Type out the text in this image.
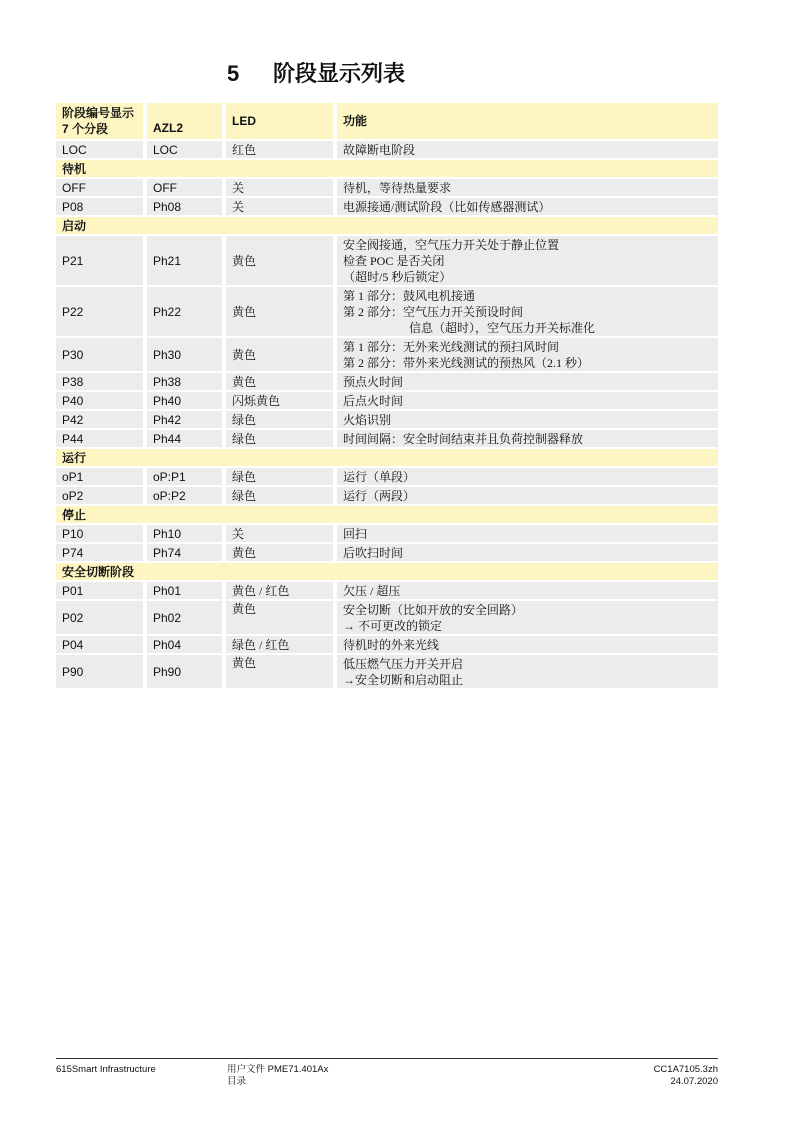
5 阶段显示列表
阶段编号显示
7 个分段	AZL2	LED	功能
LOC	LOC	红色	故障断电阶段

待机			
OFF	OFF	关	待机，等待热量要求

P08	Ph08	关	电源接通/测试阶段（比如传感器测试）

启动			
P21	Ph21	黄色	安全阀接通，空气压力开关处于静止位置
检查 POC 是否关闭
（超时/5 秒后锁定）

P22	Ph22	黄色	第 1 部分：鼓风电机接通
第 2 部分：空气压力开关预设时间
信息（超时），空气压力开关标准化

P30	Ph30	黄色	第 1 部分：无外来光线测试的预扫风时间
第 2 部分：带外来光线测试的预热风（2.1 秒）

P38	Ph38	黄色	预点火时间

P40	Ph40	闪烁黄色	后点火时间

P42	Ph42	绿色	火焰识别

P44	Ph44	绿色	时间间隔：安全时间结束并且负荷控制器释放

运行			
oP1	oP:P1	绿色	运行（单段）

oP2	oP:P2	绿色	运行（两段）

停止			
P10	Ph10	关	回扫

P74	Ph74	黄色	后吹扫时间

安全切断阶段			
P01	Ph01	黄色 / 红色	欠压 / 超压

P02	Ph02	黄色	安全切断（比如开放的安全回路）
→ 不可更改的锁定

P04	Ph04	绿色 / 红色	待机时的外来光线

P90	Ph90	黄色	低压燃气压力开关开启
→安全切断和启动阻止
615Smart Infrastructure	用户文件 PME71.401Ax
目录
CC1A7105.3zh
24.07.2020
